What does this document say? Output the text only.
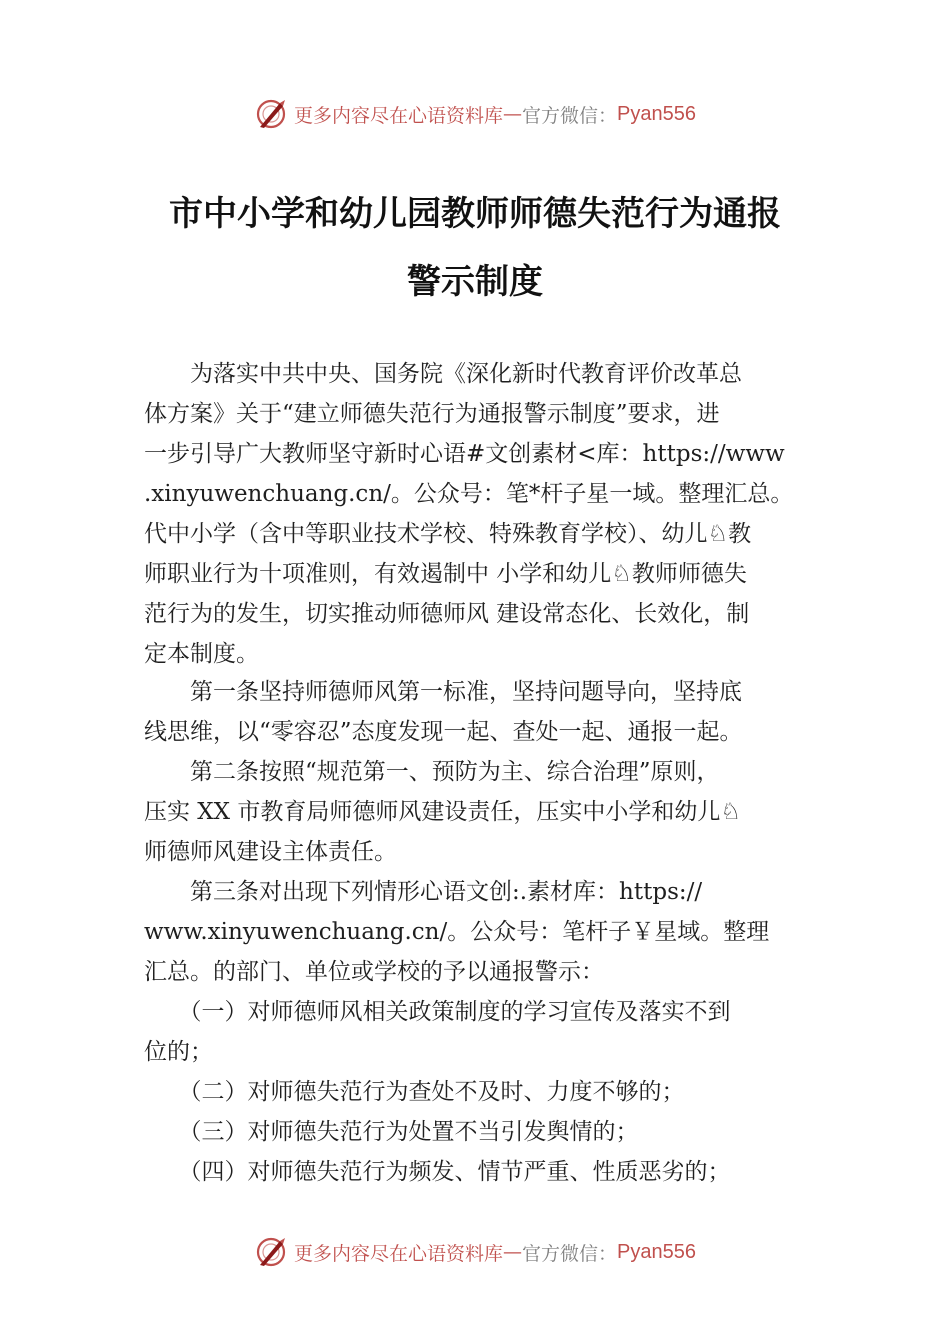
更多内容尽在心语资料库 — 官方微信： Pyan556
市中小学和幼儿园教师师德失范行为通报
警示制度
　　为落实中共中央、国务院《深化新时代教育评价改革总
体方案》关于“建立师德失范行为通报警示制度”要求，进
一步引导广大教师坚守新时心语#文创素材<库：https://www
.xinyuwenchuang.cn/。公众号：笔*杆子星一域。整理汇总。
代中小学（含中等职业技术学校、特殊教育学校）、幼儿♘教
师职业行为十项准则，有效遏制中 小学和幼儿♘教师师德失
范行为的发生，切实推动师德师风 建设常态化、长效化，制
定本制度。
　　第一条坚持师德师风第一标准，坚持问题导向，坚持底
线思维，以“零容忍”态度发现一起、查处一起、通报一起。
　　第二条按照“规范第一、预防为主、综合治理”原则，
压实 XX 市教育局师德师风建设责任，压实中小学和幼儿♘
师德师风建设主体责任。
　　第三条对出现下列情形心语文创:.素材库：https://
www.xinyuwenchuang.cn/。公众号：笔杆子￥星域。整理
汇总。的部门、单位或学校的予以通报警示：
　　（一）对师德师风相关政策制度的学习宣传及落实不到
位的；
　　（二）对师德失范行为查处不及时、力度不够的；
　　（三）对师德失范行为处置不当引发舆情的；
　　（四）对师德失范行为频发、情节严重、性质恶劣的；
更多内容尽在心语资料库 — 官方微信： Pyan556
